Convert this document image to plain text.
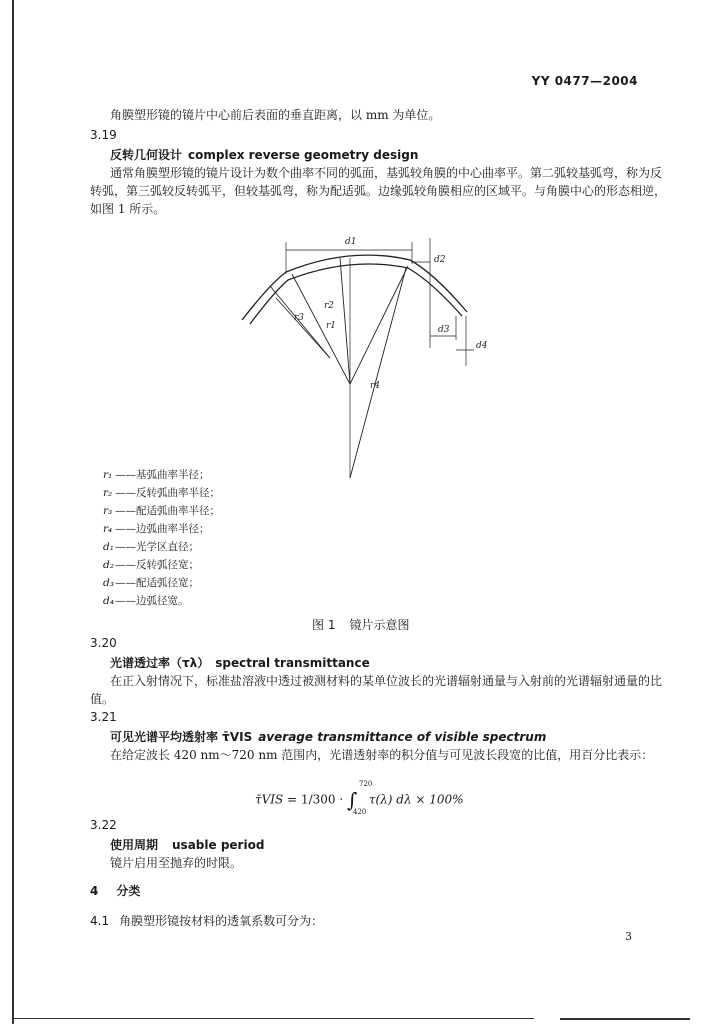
YY 0477—2004
角膜塑形镜的镜片中心前后表面的垂直距离，以 mm 为单位。
3.19
反转几何设计 complex reverse geometry design
通常角膜塑形镜的镜片设计为数个曲率不同的弧面，基弧较角膜的中心曲率平。第二弧较基弧弯，称为反转弧，第三弧较反转弧平，但较基弧弯，称为配适弧。边缘弧较角膜相应的区域平。与角膜中心的形态相逆，如图 1 所示。
d1
d2
d3
d4
r2
r1
r3
r4
r₁ ——基弧曲率半径；
r₂ ——反转弧曲率半径；
r₃ ——配适弧曲率半径；
r₄ ——边弧曲率半径；
d₁——光学区直径；
d₂——反转弧径宽；
d₃——配适弧径宽；
d₄——边弧径宽。
图 1 镜片示意图
3.20
光谱透过率（τλ） spectral transmittance
在正入射情况下，标准盐溶液中透过被测材料的某单位波长的光谱辐射通量与入射前的光谱辐射通量的比值。
3.21
可见光谱平均透射率 τ̄VIS average transmittance of visible spectrum
在给定波长 420 nm～720 nm 范围内，光谱透射率的积分值与可见波长段宽的比值，用百分比表示：
τ̄VIS = 1/300 · ∫
720
420
τ(λ) dλ × 100%
3.22
使用周期 usable period
镜片启用至抛弃的时限。
4 分类
4.1 角膜塑形镜按材料的透氧系数可分为：
3
